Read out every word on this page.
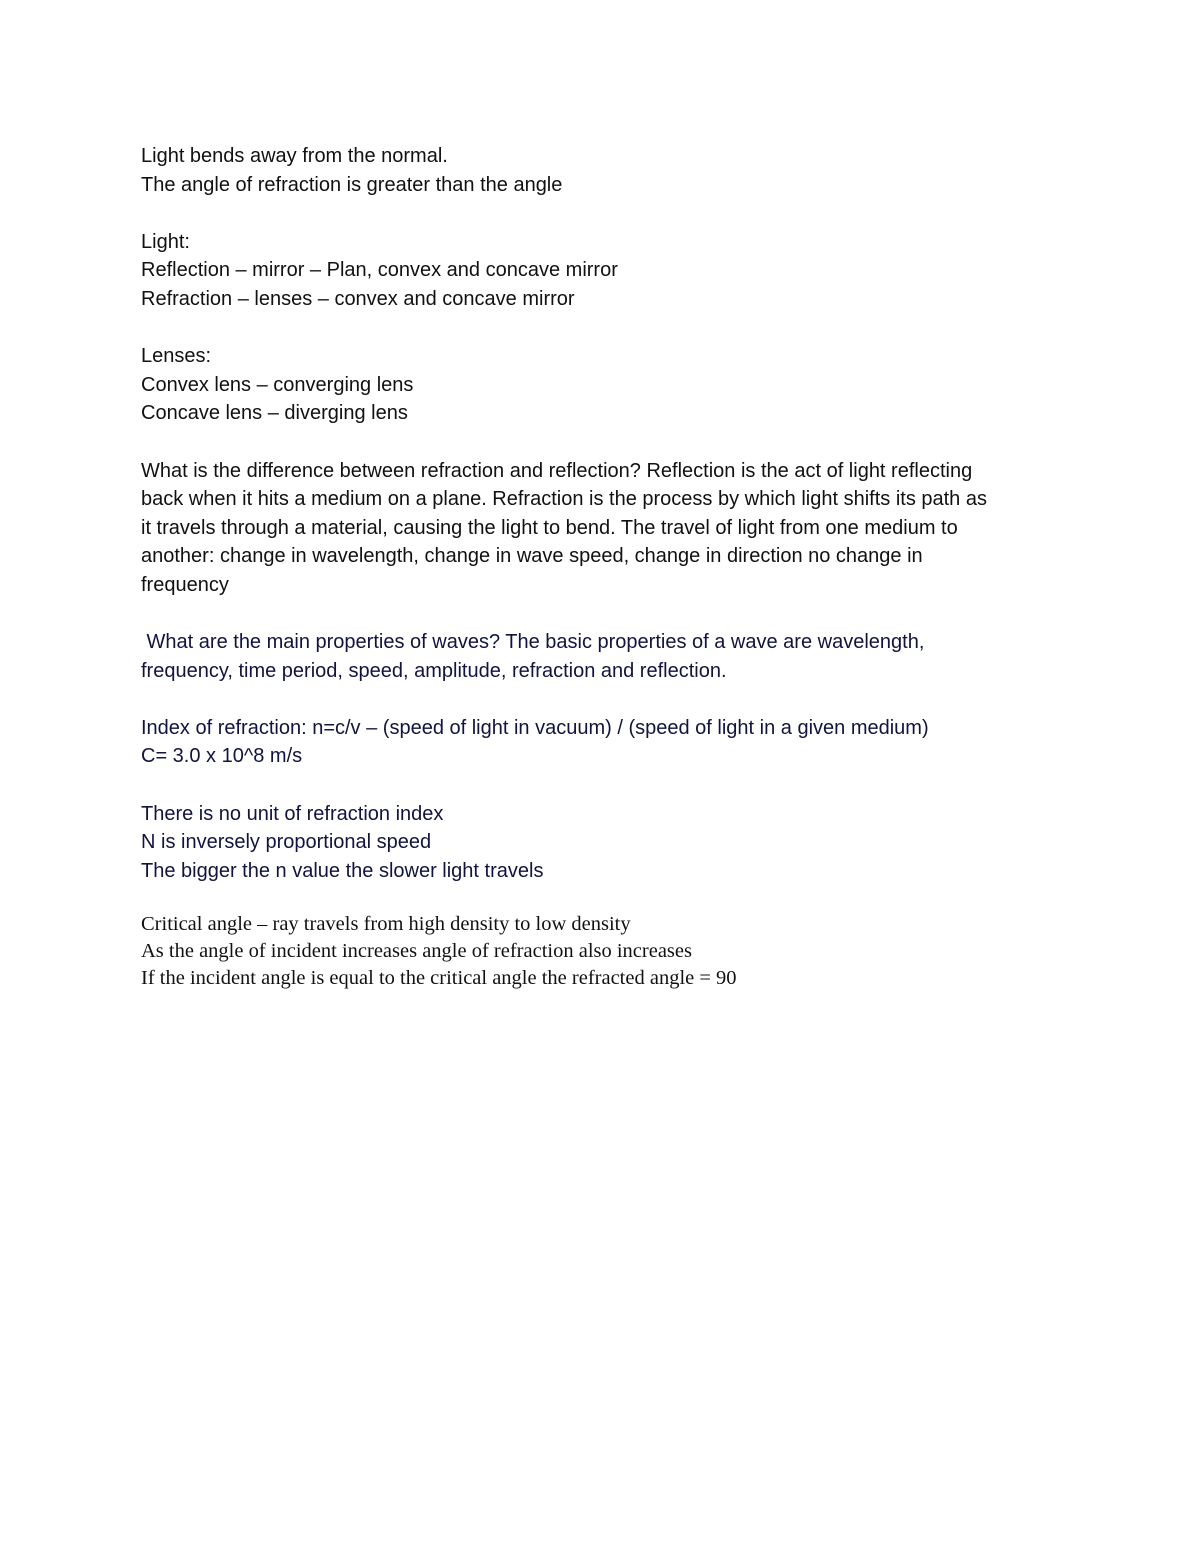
Light bends away from the normal.
The angle of refraction is greater than the angle
Light:
Reflection – mirror – Plan, convex and concave mirror
Refraction – lenses – convex and concave mirror
Lenses:
Convex lens – converging lens
Concave lens – diverging lens
What is the difference between refraction and reflection? Reflection is the act of light reflecting
back when it hits a medium on a plane. Refraction is the process by which light shifts its path as
it travels through a material, causing the light to bend. The travel of light from one medium to
another: change in wavelength, change in wave speed, change in direction no change in
frequency
What are the main properties of waves? The basic properties of a wave are wavelength,
frequency, time period, speed, amplitude, refraction and reflection.
Index of refraction: n=c/v – (speed of light in vacuum) / (speed of light in a given medium)
C= 3.0 x 10^8 m/s
There is no unit of refraction index
N is inversely proportional speed
The bigger the n value the slower light travels
Critical angle – ray travels from high density to low density
As the angle of incident increases angle of refraction also increases
If the incident angle is equal to the critical angle the refracted angle = 90
